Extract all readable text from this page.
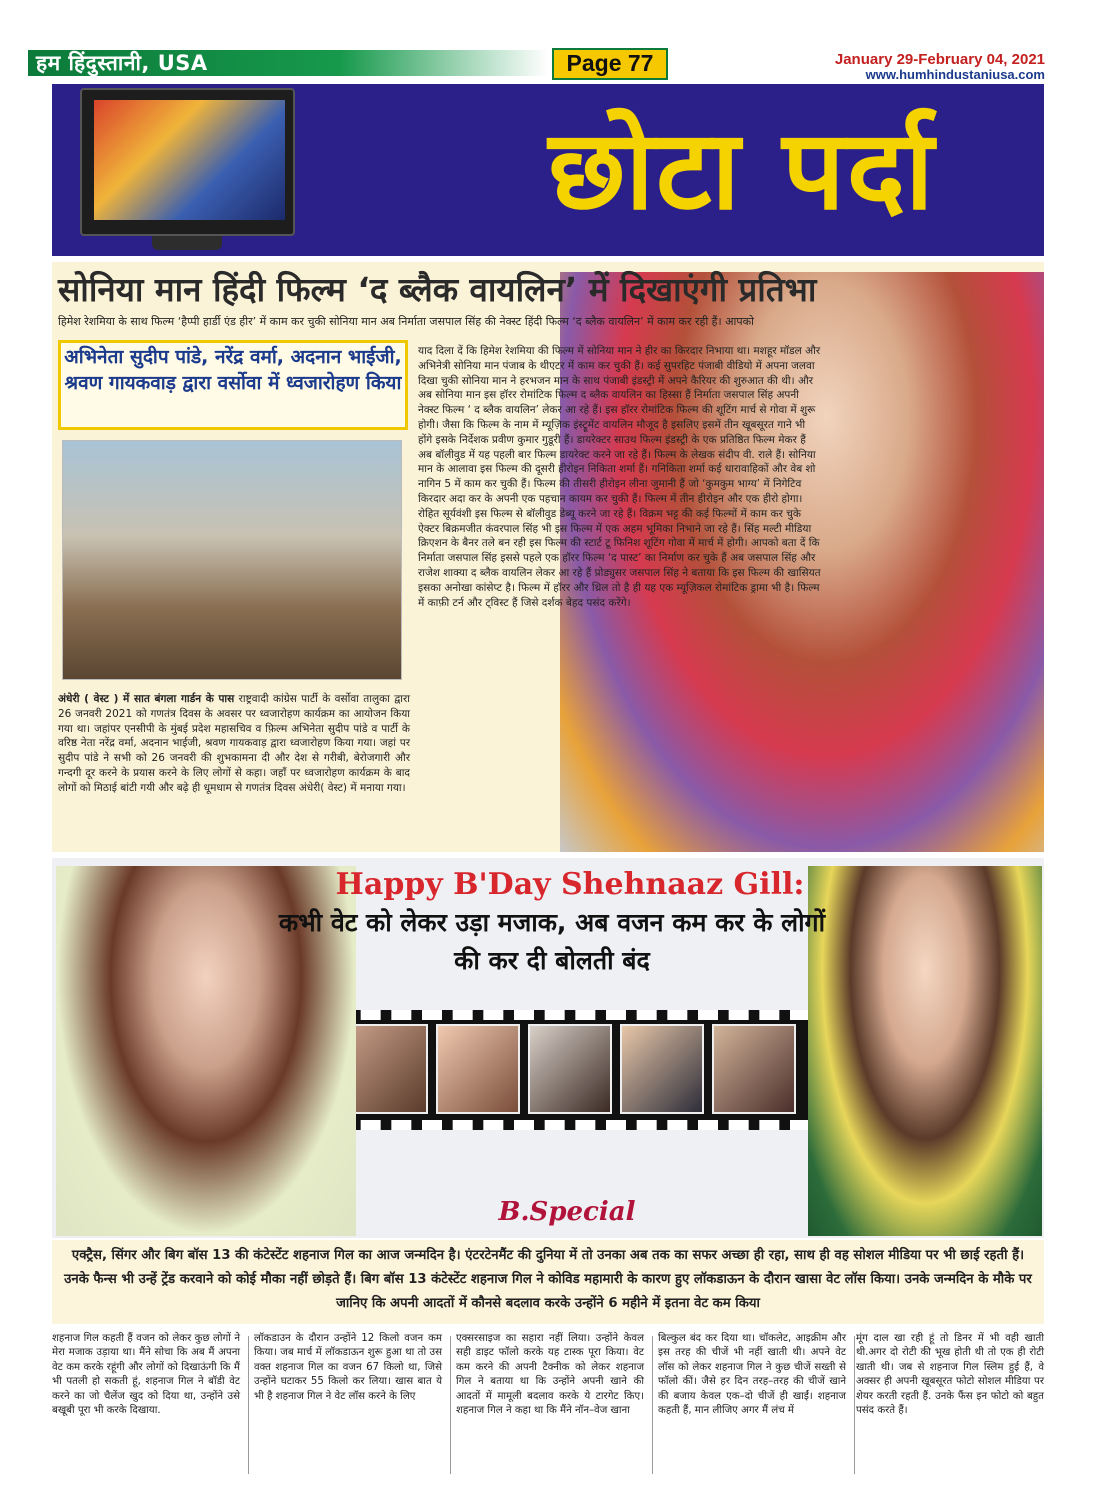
हम हिंदुस्तानी, USA	Page 77	January 29-February 04, 2021
www.humhindustaniusa.com
छोटा पर्दा
सोनिया मान हिंदी फिल्म ‘द ब्लैक वायलिन’ में दिखाएंगी प्रतिभा
हिमेश रेशमिया के साथ फिल्म ‘हैप्पी हार्डी एंड हीर’ में काम कर चुकी सोनिया मान अब निर्माता जसपाल सिंह की नेक्स्ट हिंदी फिल्म ‘द ब्लैक वायलिन’ में काम कर रही हैं। आपको
अभिनेता सुदीप पांडे, नरेंद्र वर्मा, अदनान भाईजी, श्रवण गायकवाड़ द्वारा वर्सोवा में ध्वजारोहण किया
अंधेरी ( वेस्ट ) में सात बंगला गार्डन के पास राष्ट्रवादी कांग्रेस पार्टी के वर्सोवा तालुका द्वारा 26 जनवरी 2021 को गणतंत्र दिवस के अवसर पर ध्वजारोहण कार्यक्रम का आयोजन किया गया था। जहांपर एनसीपी के मुंबई प्रदेश महासचिव व फ़िल्म अभिनेता सुदीप पांडे व पार्टी के वरिष्ठ नेता नरेंद्र वर्मा, अदनान भाईजी, श्रवण गायकवाड़ द्वारा ध्वजारोहण किया गया। जहां पर सुदीप पांडे ने सभी को 26 जनवरी की शुभकामना दी और देश से गरीबी, बेरोजगारी और गन्दगी दूर करने के प्रयास करने के लिए लोगों से कहा। जहाँ पर ध्वजारोहण कार्यक्रम के बाद लोगों को मिठाई बांटी गयी और बढ़े ही धूमधाम से गणतंत्र दिवस अंधेरी( वेस्ट) में मनाया गया।
याद दिला दें कि हिमेश रेशमिया की फिल्म में सोनिया मान ने हीर का किरदार निभाया था। मशहूर मॉडल और अभिनेत्री सोनिया मान पंजाब के थीएटर में काम कर चुकी हैं। कई सुपरहिट पंजाबी वीडियो में अपना जलवा दिखा चुकी सोनिया मान ने हरभजन मान के साथ पंजाबी इंडस्ट्री में अपने कैरियर की शुरुआत की थी। और अब सोनिया मान इस हॉरर रोमांटिक फिल्म द ब्लैक वायलिन का हिस्सा हैं निर्माता जसपाल सिंह अपनी नेक्स्ट फिल्म ‘ द ब्लैक वायलिन’ लेकर आ रहे हैं। इस हॉरर रोमांटिक फिल्म की शूटिंग मार्च से गोवा में शुरू होगी। जैसा कि फिल्म के नाम में म्यूज़िक इंस्ट्रूमेंट वायलिन मौजूद है इसलिए इसमें तीन खूबसूरत गाने भी होंगे इसके निर्देशक प्रवीण कुमार गुडूरी हैं। डायरेक्टर साउथ फिल्म इंडस्ट्री के एक प्रतिष्ठित फिल्म मेकर हैं अब बॉलीवुड में यह पहली बार फिल्म डायरेक्ट करने जा रहे हैं। फिल्म के लेखक संदीप वी. राले हैं। सोनिया मान के आलावा इस फिल्म की दूसरी हीरोइन निकिता शर्मा हैं। गनिकिता शर्मा कई धारावाहिकों और वेब शो नागिन 5 में काम कर चुकी हैं। फिल्म की तीसरी हीरोइन लीना जुमानी हैं जो ‘कुमकुम भाग्य’ में निगेटिव किरदार अदा कर के अपनी एक पहचान कायम कर चुकी हैं। फिल्म में तीन हीरोइन और एक हीरो होगा। रोहित सूर्यवंशी इस फिल्म से बॉलीवुड डेब्यू करने जा रहे हैं। विक्रम भट्ट की कई फिल्मों में काम कर चुके ऐक्टर बिक्रमजीत कंवरपाल सिंह भी इस फिल्म में एक अहम भूमिका निभाने जा रहे हैं। सिंह मल्टी मीडिया क्रिएशन के बैनर तले बन रही इस फिल्म की स्टार्ट टू फिनिश शूटिंग गोवा में मार्च में होगी। आपको बता दें कि निर्माता जसपाल सिंह इससे पहले एक हॉरर फिल्म ‘द पास्ट’ का निर्माण कर चुके हैं अब जसपाल सिंह और राजेश शाक्या द ब्लैक वायलिन लेकर आ रहे हैं प्रोड्युसर जसपाल सिंह ने बताया कि इस फिल्म की खासियत इसका अनोखा कांसेप्ट है। फिल्म में हॉरर और थ्रिल तो है ही यह एक म्यूज़िकल रोमांटिक ड्रामा भी है। फिल्म में काफ़ी टर्न और ट्विस्ट हैं जिसे दर्शक बेहद पसंद करेंगे।
Happy B'Day Shehnaaz Gill:
कभी वेट को लेकर उड़ा मजाक, अब वजन कम कर के लोगों की कर दी बोलती बंद
B.Special
एक्ट्रैस, सिंगर और बिग बॉस 13 की कंटेस्टेंट शहनाज गिल का आज जन्मदिन है। एंटरटेनमैंट की दुनिया में तो उनका अब तक का सफर अच्छा ही रहा, साथ ही वह सोशल मीडिया पर भी छाई रहती हैं। उनके फैन्स भी उन्हें ट्रेंड करवाने को कोई मौका नहीं छोड़ते हैं। बिग बॉस 13 कंटेस्टेंट शहनाज गिल ने कोविड महामारी के कारण हुए लॉकडाऊन के दौरान खासा वेट लॉस किया। उनके जन्मदिन के मौके पर जानिए कि अपनी आदतों में कौनसे बदलाव करके उन्होंने 6 महीने में इतना वेट कम किया
शहनाज गिल कहती हैं वजन को लेकर कुछ लोगों ने मेरा मजाक उड़ाया था। मैंने सोचा कि अब मैं अपना वेट कम करके रहूंगी और लोगों को दिखाऊंगी कि मैं भी पतली हो सकती हूं, शहनाज गिल ने बॉडी वेट करने का जो चैलेंज खुद को दिया था, उन्होंने उसे बखूबी पूरा भी करके दिखाया.
लॉकडाउन के दौरान उन्होंने 12 किलो वजन कम किया। जब मार्च में लॉकडाऊन शुरू हुआ था तो उस वक्त शहनाज गिल का वजन 67 किलो था, जिसे उन्होंने घटाकर 55 किलो कर लिया। खास बात ये भी है शहनाज गिल ने वेट लॉस करने के लिए
एक्सरसाइज का सहारा नहीं लिया। उन्होंने केवल सही डाइट फॉलो करके यह टास्क पूरा किया। वेट कम करने की अपनी टैक्नीक को लेकर शहनाज गिल ने बताया था कि उन्होंने अपनी खाने की आदतों में मामूली बदलाव करके ये टारगेट किए। शहनाज गिल ने कहा था कि मैंने नॉन–वेज खाना
बिल्कुल बंद कर दिया था। चॉकलेट, आइक्रीम और इस तरह की चीजें भी नहीं खाती थी। अपने वेट लॉस को लेकर शहनाज गिल ने कुछ चीजें सख्ती से फॉलो कीं। जैसे हर दिन तरह–तरह की चीजें खाने की बजाय केवल एक–दो चीजें ही खाईं। शहनाज कहती हैं, मान लीजिए अगर मैं लंच में
मूंग दाल खा रही हूं तो डिनर में भी वही खाती थी.अगर दो रोटी की भूख होती थी तो एक ही रोटी खाती थी। जब से शहनाज गिल स्लिम हुई हैं, वे अक्सर ही अपनी खूबसूरत फोटो सोशल मीडिया पर शेयर करती रहती हैं. उनके फैंस इन फोटो को बहुत पसंद करते हैं।
